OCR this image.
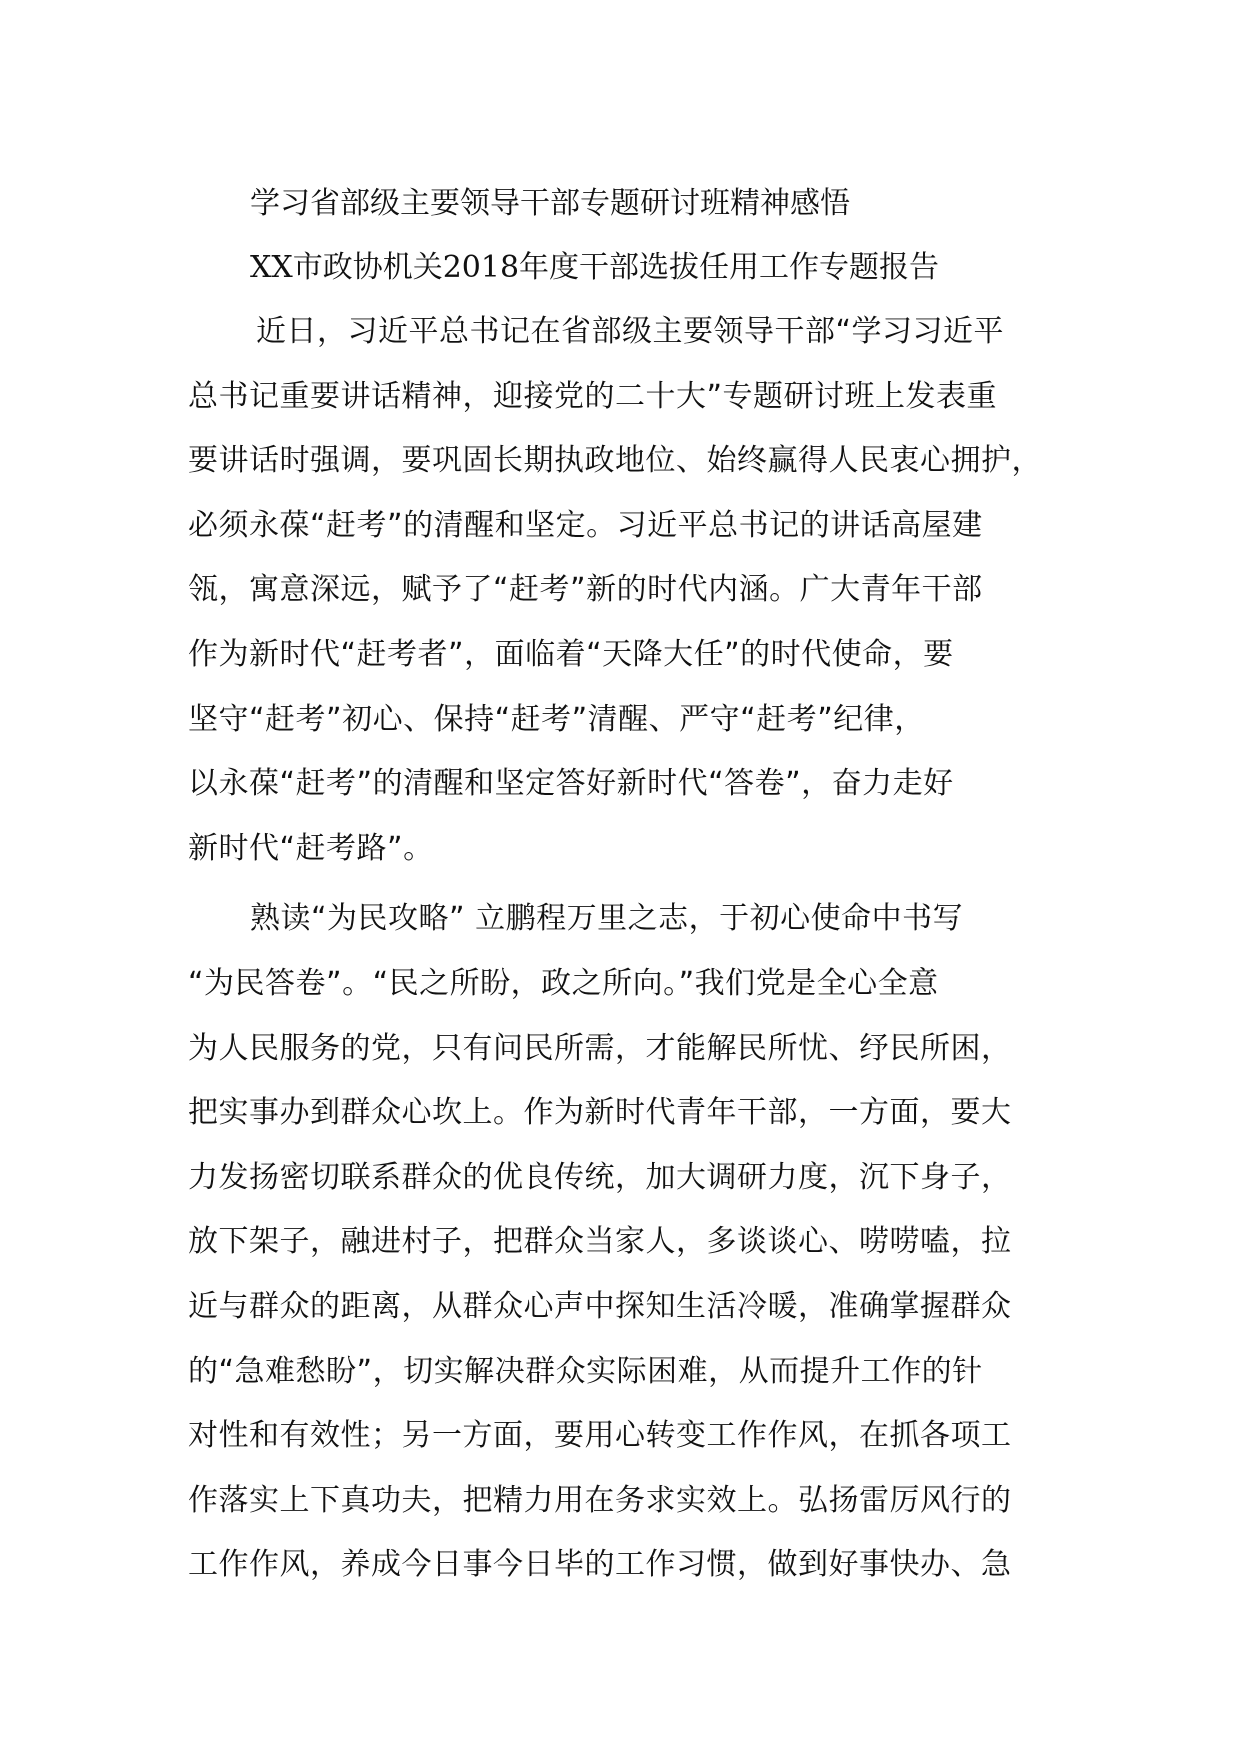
学习省部级主要领导干部专题研讨班精神感悟
XX市政协机关2018年度干部选拔任用工作专题报告
近日，习近平总书记在省部级主要领导干部“学习习近平
总书记重要讲话精神，迎接党的二十大”专题研讨班上发表重
要讲话时强调，要巩固长期执政地位、始终赢得人民衷心拥护，
必须永葆“赶考”的清醒和坚定。习近平总书记的讲话高屋建
瓴，寓意深远，赋予了“赶考”新的时代内涵。广大青年干部
作为新时代“赶考者”，面临着“天降大任”的时代使命，要
坚守“赶考”初心、保持“赶考”清醒、严守“赶考”纪律，
以永葆“赶考”的清醒和坚定答好新时代“答卷”，奋力走好
新时代“赶考路”。
熟读“为民攻略” 立鹏程万里之志，于初心使命中书写
“为民答卷”。“民之所盼，政之所向。”我们党是全心全意
为人民服务的党，只有问民所需，才能解民所忧、纾民所困，
把实事办到群众心坎上。作为新时代青年干部，一方面，要大
力发扬密切联系群众的优良传统，加大调研力度，沉下身子，
放下架子，融进村子，把群众当家人，多谈谈心、唠唠嗑，拉
近与群众的距离，从群众心声中探知生活冷暖，准确掌握群众
的“急难愁盼”，切实解决群众实际困难，从而提升工作的针
对性和有效性；另一方面，要用心转变工作作风，在抓各项工
作落实上下真功夫，把精力用在务求实效上。弘扬雷厉风行的
工作作风，养成今日事今日毕的工作习惯，做到好事快办、急
